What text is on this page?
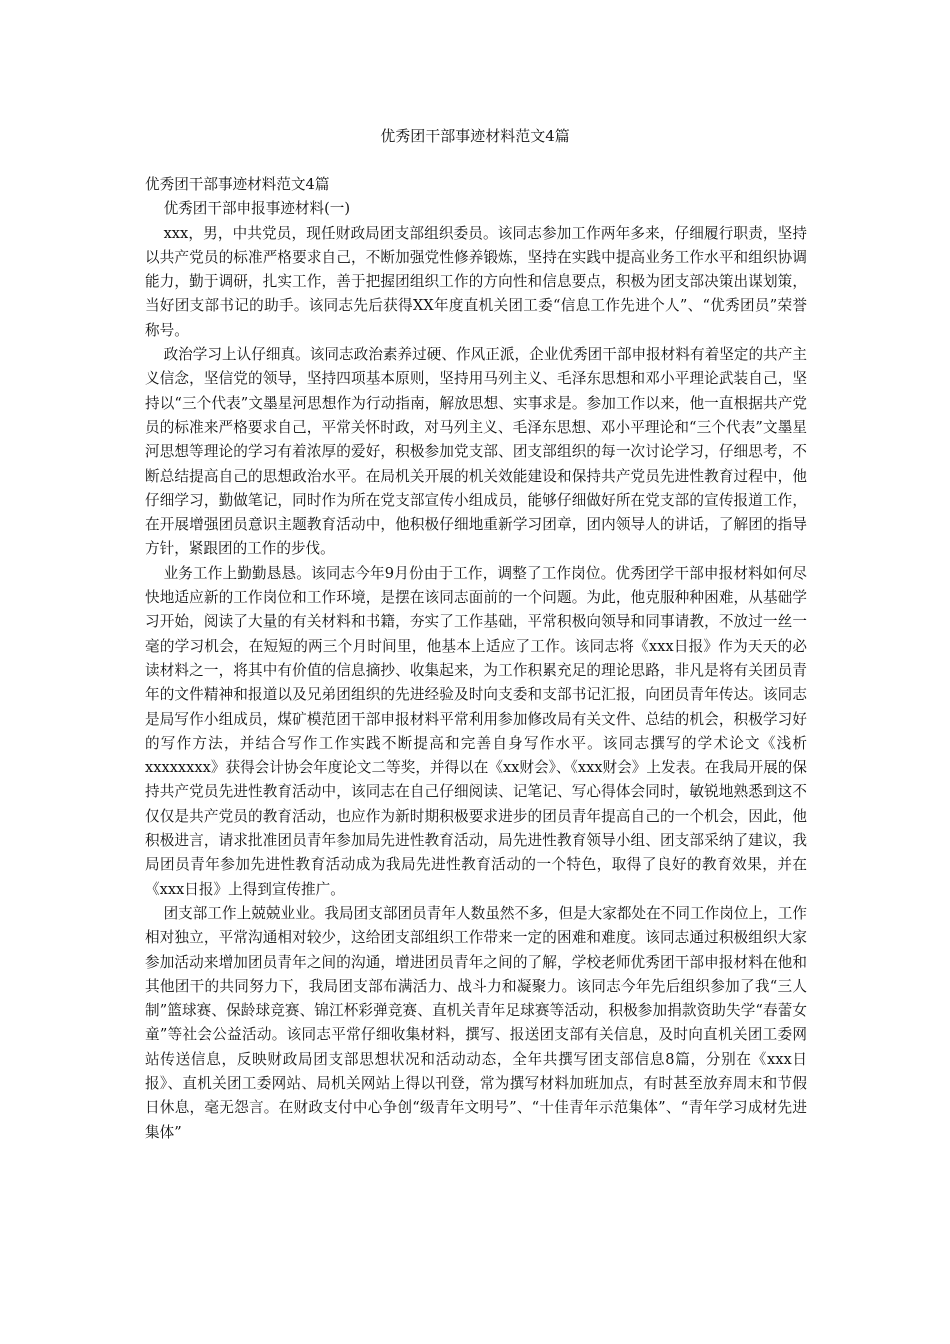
优秀团干部事迹材料范文4篇

优秀团干部事迹材料范文4篇

优秀团干部申报事迹材料(一)

xxx，男，中共党员，现任财政局团支部组织委员。该同志参加工作两年多来，仔细履行职责，坚持以共产党员的标准严格要求自己，不断加强党性修养锻炼，坚持在实践中提高业务工作水平和组织协调能力，勤于调研，扎实工作，善于把握团组织工作的方向性和信息要点，积极为团支部决策出谋划策，当好团支部书记的助手。该同志先后获得XX年度直机关团工委“信息工作先进个人”、“优秀团员”荣誉称号。

政治学习上认仔细真。该同志政治素养过硬、作风正派，企业优秀团干部申报材料有着坚定的共产主义信念，坚信党的领导，坚持四项基本原则，坚持用马列主义、毛泽东思想和邓小平理论武装自己，坚持以“三个代表”文墨星河思想作为行动指南，解放思想、实事求是。参加工作以来，他一直根据共产党员的标准来严格要求自己，平常关怀时政，对马列主义、毛泽东思想、邓小平理论和“三个代表”文墨星河思想等理论的学习有着浓厚的爱好，积极参加党支部、团支部组织的每一次讨论学习，仔细思考，不断总结提高自己的思想政治水平。在局机关开展的机关效能建设和保持共产党员先进性教育过程中，他仔细学习，勤做笔记，同时作为所在党支部宣传小组成员，能够仔细做好所在党支部的宣传报道工作，在开展增强团员意识主题教育活动中，他积极仔细地重新学习团章，团内领导人的讲话，了解团的指导方针，紧跟团的工作的步伐。

业务工作上勤勤恳恳。该同志今年9月份由于工作，调整了工作岗位。优秀团学干部申报材料如何尽快地适应新的工作岗位和工作环境，是摆在该同志面前的一个问题。为此，他克服种种困难，从基础学习开始，阅读了大量的有关材料和书籍，夯实了工作基础，平常积极向领导和同事请教，不放过一丝一毫的学习机会，在短短的两三个月时间里，他基本上适应了工作。该同志将《xxx日报》作为天天的必读材料之一，将其中有价值的信息摘抄、收集起来，为工作积累充足的理论思路，非凡是将有关团员青年的文件精神和报道以及兄弟团组织的先进经验及时向支委和支部书记汇报，向团员青年传达。该同志是局写作小组成员，煤矿模范团干部申报材料平常利用参加修改局有关文件、总结的机会，积极学习好的写作方法，并结合写作工作实践不断提高和完善自身写作水平。该同志撰写的学术论文《浅析xxxxxxxx》获得会计协会年度论文二等奖，并得以在《xx财会》、《xxx财会》上发表。在我局开展的保持共产党员先进性教育活动中，该同志在自己仔细阅读、记笔记、写心得体会同时，敏锐地熟悉到这不仅仅是共产党员的教育活动，也应作为新时期积极要求进步的团员青年提高自己的一个机会，因此，他积极进言，请求批准团员青年参加局先进性教育活动，局先进性教育领导小组、团支部采纳了建议，我局团员青年参加先进性教育活动成为我局先进性教育活动的一个特色，取得了良好的教育效果，并在《xxx日报》上得到宣传推广。

团支部工作上兢兢业业。我局团支部团员青年人数虽然不多，但是大家都处在不同工作岗位上，工作相对独立，平常沟通相对较少，这给团支部组织工作带来一定的困难和难度。该同志通过积极组织大家参加活动来增加团员青年之间的沟通，增进团员青年之间的了解，学校老师优秀团干部申报材料在他和其他团干的共同努力下，我局团支部布满活力、战斗力和凝聚力。该同志今年先后组织参加了我“三人制”篮球赛、保龄球竞赛、锦江杯彩弹竞赛、直机关青年足球赛等活动，积极参加捐款资助失学“春蕾女童”等社会公益活动。该同志平常仔细收集材料，撰写、报送团支部有关信息，及时向直机关团工委网站传送信息，反映财政局团支部思想状况和活动动态，全年共撰写团支部信息8篇，分别在《xxx日报》、直机关团工委网站、局机关网站上得以刊登，常为撰写材料加班加点，有时甚至放弃周末和节假日休息，毫无怨言。在财政支付中心争创“级青年文明号”、“十佳青年示范集体”、“青年学习成材先进集体”
